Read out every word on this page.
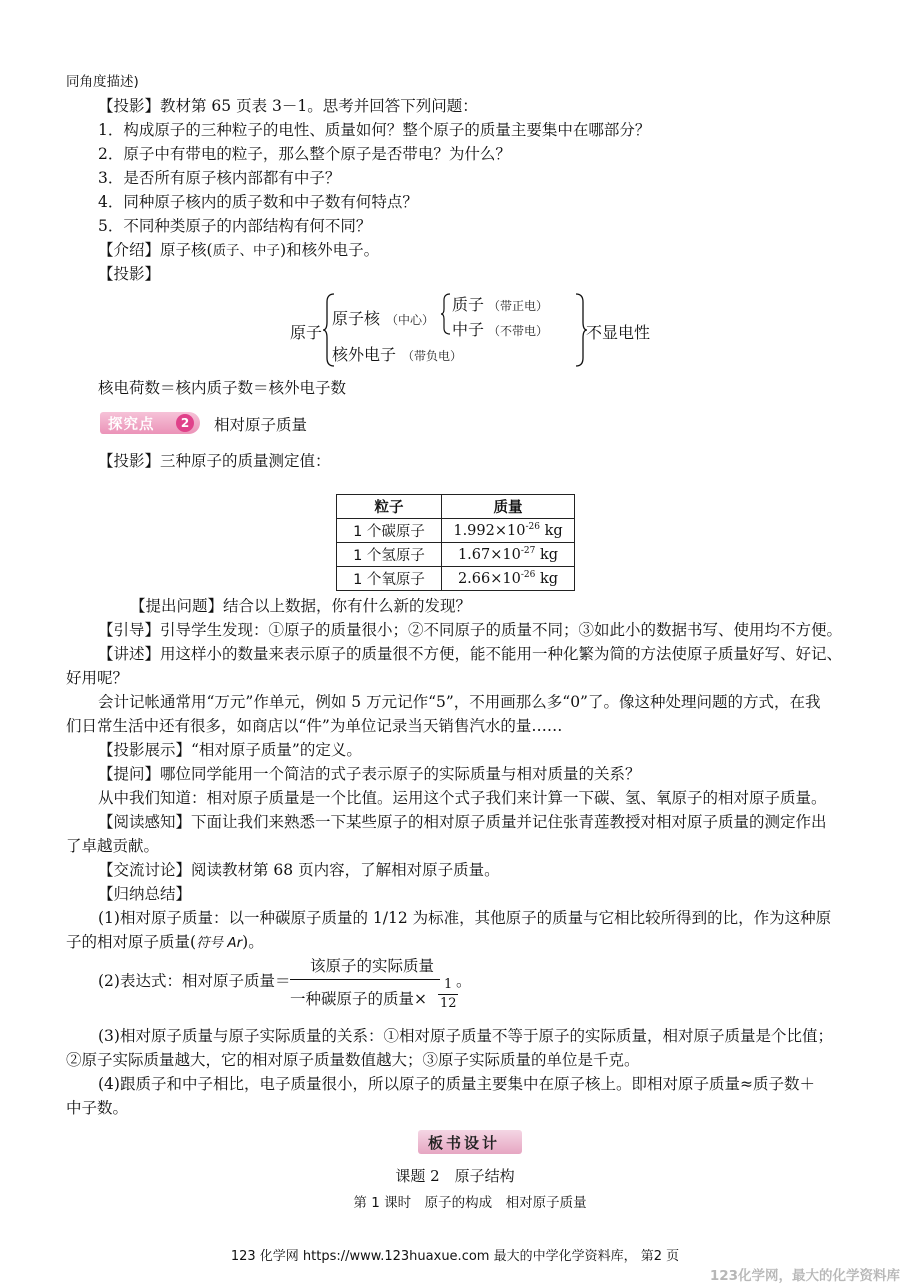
同角度描述)
【投影】教材第 65 页表 3－1。思考并回答下列问题：
1．构成原子的三种粒子的电性、质量如何？整个原子的质量主要集中在哪部分？
2．原子中有带电的粒子，那么整个原子是否带电？为什么？
3．是否所有原子核内部都有中子？
4．同种原子核内的质子数和中子数有何特点？
5．不同种类原子的内部结构有何不同？
【介绍】原子核(质子、中子)和核外电子。
【投影】
原子
原子核 （中心）
质子 （带正电）
中子 （不带电）
核外电子 （带负电）
不显电性
核电荷数＝核内质子数＝核外电子数
探究点	2	相对原子质量
【投影】三种原子的质量测定值：
粒子	质量
1 个碳原子	$1.992\times 10^{-26}$ kg
1 个氢原子	$1.67\times 10^{-27}$ kg
1 个氧原子	$2.66\times 10^{-26}$ kg
【提出问题】结合以上数据，你有什么新的发现？
【引导】引导学生发现：①原子的质量很小；②不同原子的质量不同；③如此小的数据书写、使用均不方便。
【讲述】用这样小的数量来表示原子的质量很不方便，能不能用一种化繁为简的方法使原子质量好写、好记、
好用呢？
会计记帐通常用“万元”作单元，例如 5 万元记作“5”，不用画那么多“0”了。像这种处理问题的方式，在我
们日常生活中还有很多，如商店以“件”为单位记录当天销售汽水的量……
【投影展示】“相对原子质量”的定义。
【提问】哪位同学能用一个简洁的式子表示原子的实际质量与相对质量的关系？
从中我们知道：相对原子质量是一个比值。运用这个式子我们来计算一下碳、氢、氧原子的相对原子质量。
【阅读感知】下面让我们来熟悉一下某些原子的相对原子质量并记住张青莲教授对相对原子质量的测定作出
了卓越贡献。
【交流讨论】阅读教材第 68 页内容，了解相对原子质量。
【归纳总结】
(1)相对原子质量：以一种碳原子质量的 1/12 为标准，其他原子的质量与它相比较所得到的比，作为这种原
子的相对原子质量(符号 Ar)。
(2)表达式：相对原子质量＝
该原子的实际质量
一种碳原子的质量×
1
12
。
(3)相对原子质量与原子实际质量的关系：①相对原子质量不等于原子的实际质量，相对原子质量是个比值；
②原子实际质量越大，它的相对原子质量数值越大；③原子实际质量的单位是千克。
(4)跟质子和中子相比，电子质量很小，所以原子的质量主要集中在原子核上。即相对原子质量≈质子数＋
中子数。
板书设计
课题 2　原子结构
第 1 课时　原子的构成　相对原子质量
123 化学网 https://www.123huaxue.com 最大的中学化学资料库， 第2 页
123化学网，最大的化学资料库
